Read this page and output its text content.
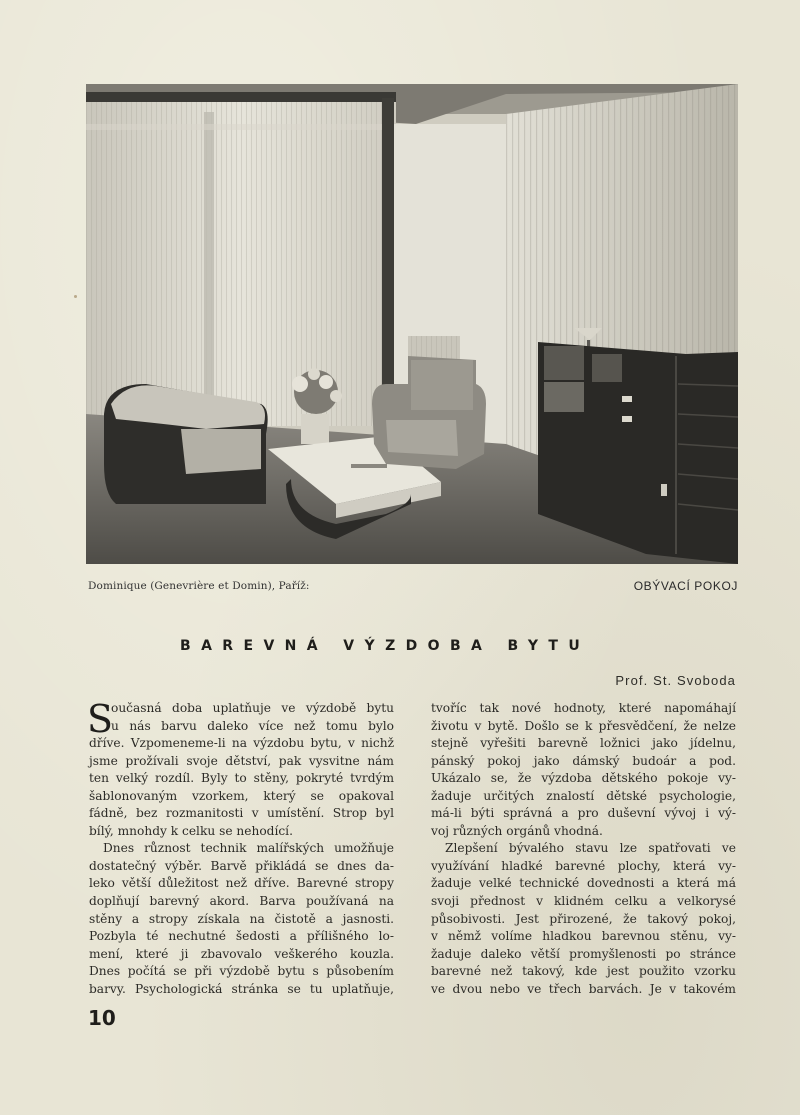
Dominique (Genevrière et Domin), Paříž:	OBÝVACÍ POKOJ
BAREVNÁ VÝZDOBA BYTU
Prof. St. Svoboda
S
oučasná doba uplatňuje ve výzdobě bytu
u nás barvu daleko více než tomu bylo
dříve. Vzpomeneme-li na výzdobu bytu, v nichž
jsme prožívali svoje dětství, pak vysvitne nám
ten velký rozdíl. Byly to stěny, pokryté tvrdým
šablonovaným vzorkem, který se opakoval
fádně, bez rozmanitosti v umístění. Strop byl
bílý, mnohdy k celku se nehodící.
Dnes různost technik malířských umožňuje
dostatečný výběr. Barvě přikládá se dnes da-
leko větší důležitost než dříve. Barevné stropy
doplňují barevný akord. Barva používaná na
stěny a stropy získala na čistotě a jasnosti.
Pozbyla té nechutné šedosti a přílišného lo-
mení, které ji zbavovalo veškerého kouzla.
Dnes počítá se při výzdobě bytu s působením
barvy. Psychologická stránka se tu uplatňuje,
tvoříc tak nové hodnoty, které napomáhají
životu v bytě. Došlo se k přesvědčení, že nelze
stejně vyřešiti barevně ložnici jako jídelnu,
pánský pokoj jako dámský budoár a pod.
Ukázalo se, že výzdoba dětského pokoje vy-
žaduje určitých znalostí dětské psychologie,
má-li býti správná a pro duševní vývoj i vý-
voj různých orgánů vhodná.
Zlepšení bývalého stavu lze spatřovati ve
využívání hladké barevné plochy, která vy-
žaduje velké technické dovednosti a která má
svoji přednost v klidném celku a velkorysé
působivosti. Jest přirozené, že takový pokoj,
v němž volíme hladkou barevnou stěnu, vy-
žaduje daleko větší promyšlenosti po stránce
barevné než takový, kde jest použito vzorku
ve dvou nebo ve třech barvách. Je v takovém
10
